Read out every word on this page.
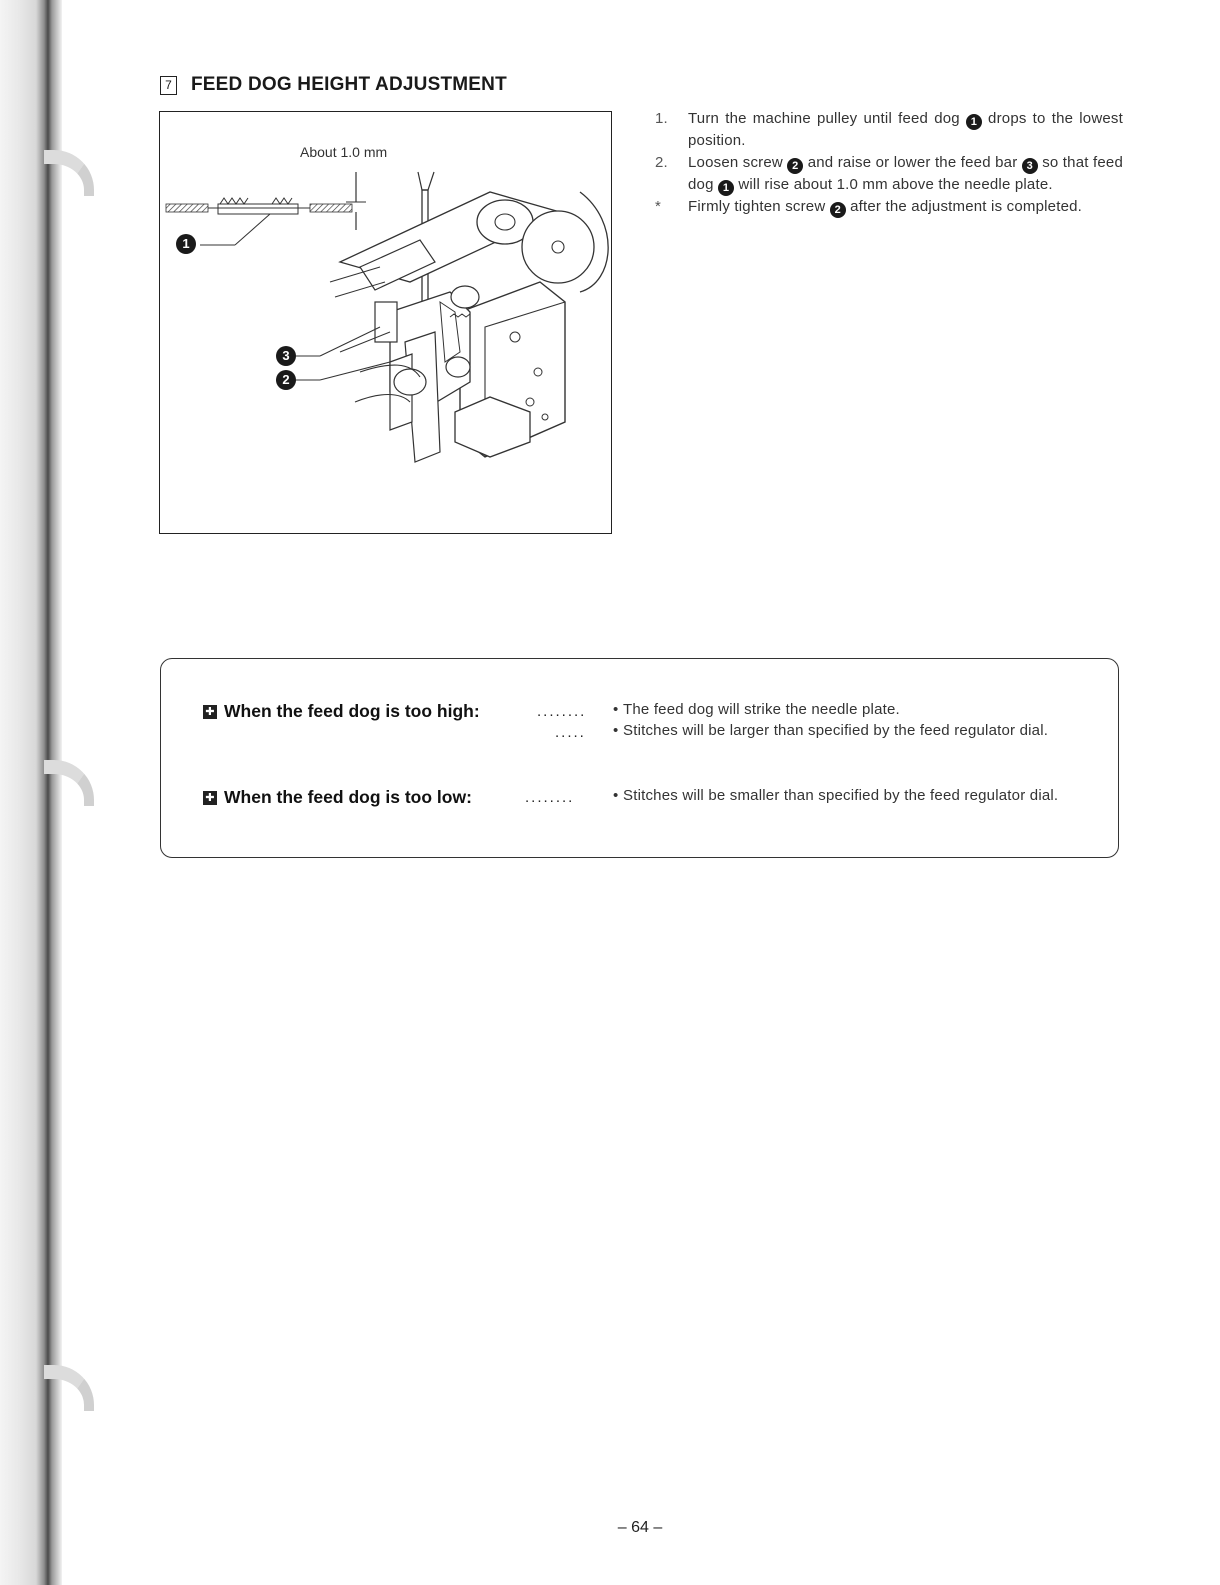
7 FEED DOG HEIGHT ADJUSTMENT
About 1.0 mm
1
3
2
1.	Turn the machine pulley until feed dog 1 drops to the lowest position.
2.	Loosen screw 2 and raise or lower the feed bar 3 so that feed dog 1 will rise about 1.0 mm above the needle plate.
*	Firmly tighten screw 2 after the adjustment is completed.
✚ When the feed dog is too high:	........
.....
• The feed dog will strike the needle plate.
• Stitches will be larger than specified by the feed regulator dial.
✚ When the feed dog is too low:	........	• Stitches will be smaller than specified by the feed regulator dial.
– 64 –
